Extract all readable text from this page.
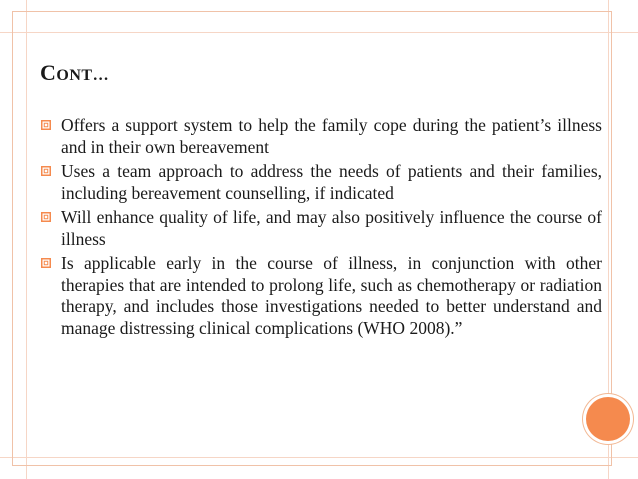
CONT…
Offers a support system to help the family cope during the patient’s illness and in their own bereavement
Uses a team approach to address the needs of patients and their families, including bereavement counselling, if indicated
Will enhance quality of life, and may also positively influence the course of illness
Is applicable early in the course of illness, in conjunction with other therapies that are intended to prolong life, such as chemotherapy or radiation therapy, and includes those investigations needed to better understand and manage distressing clinical complications (WHO 2008).”
